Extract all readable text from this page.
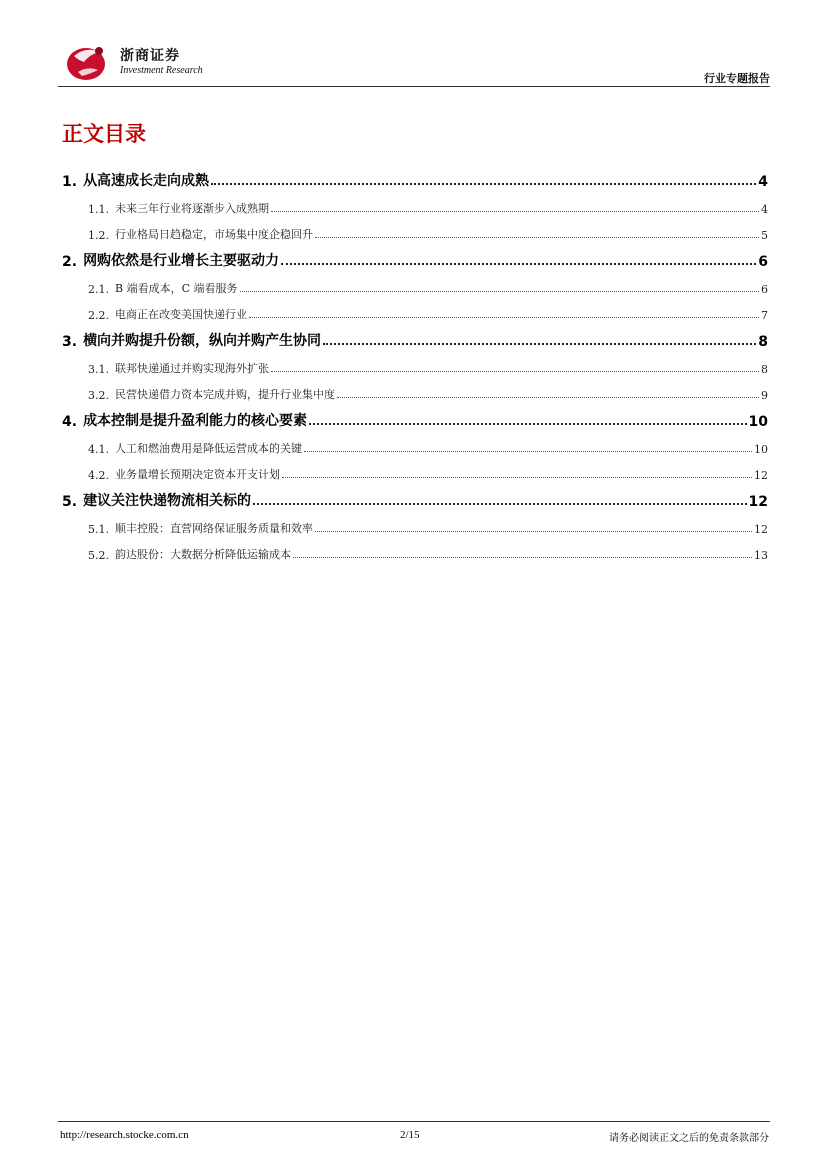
浙商证券
Investment Research
行业专题报告
正文目录
1. 从高速成长走向成熟	4
1.1. 未来三年行业将逐渐步入成熟期	4
1.2. 行业格局日趋稳定，市场集中度企稳回升	5
2. 网购依然是行业增长主要驱动力	6
2.1. B 端看成本，C 端看服务	6
2.2. 电商正在改变美国快递行业	7
3. 横向并购提升份额，纵向并购产生协同	8
3.1. 联邦快递通过并购实现海外扩张	8
3.2. 民营快递借力资本完成并购，提升行业集中度	9
4. 成本控制是提升盈利能力的核心要素	10
4.1. 人工和燃油费用是降低运营成本的关键	10
4.2. 业务量增长预期决定资本开支计划	12
5. 建议关注快递物流相关标的	12
5.1. 顺丰控股：直营网络保证服务质量和效率	12
5.2. 韵达股份：大数据分析降低运输成本	13
http://research.stocke.com.cn	2/15	请务必阅读正文之后的免责条款部分
